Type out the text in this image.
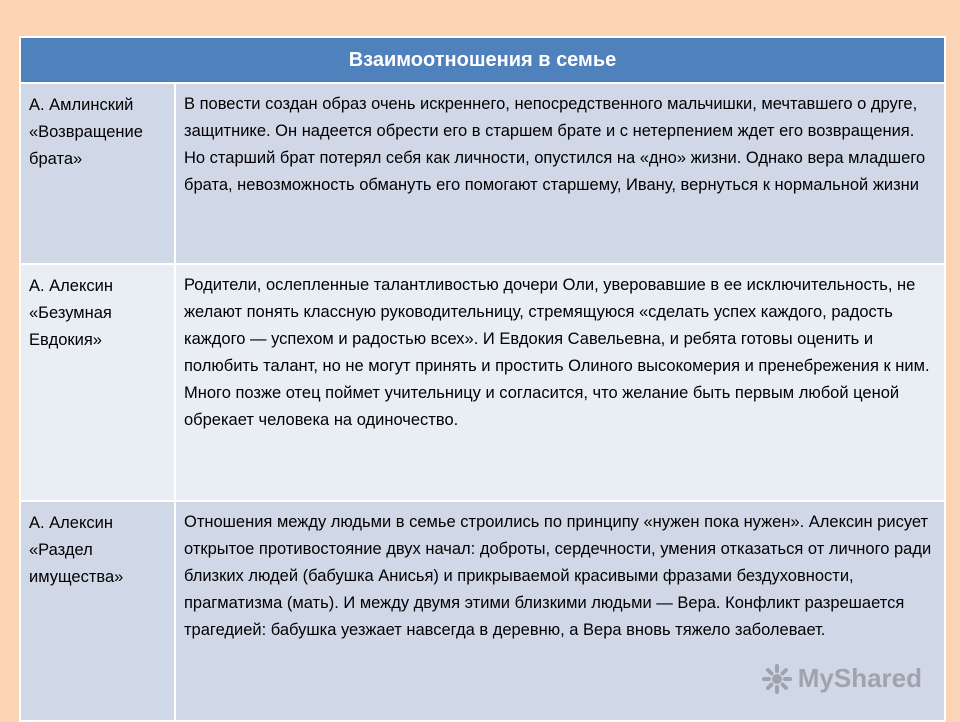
Взаимоотношения в семье	
А. Амлинский «Возвращение брата»	В повести создан образ очень искреннего, непосредственного мальчишки, мечтавшего о друге, защитнике. Он надеется обрести его в старшем брате и с нетерпением ждет его возвращения. Но старший брат потерял себя как личности, опустился на «дно» жизни. Однако вера младшего брата, невозможность обмануть его помогают старшему, Ивану, вернуться к нормальной жизни
А. Алексин «Безумная Евдокия»	Родители, ослепленные талантливостью дочери Оли, уверовавшие в ее исключительность, не желают понять классную руководительницу, стремящуюся «сделать успех каждого, радость каждого — успехом и радостью всех». И Евдокия Савельевна, и ребята готовы оценить и полюбить талант, но не могут принять и простить Олиного высокомерия и пренебрежения к ним. Много позже отец поймет учительницу и согласится, что желание быть первым любой ценой обрекает человека на одиночество.
А. Алексин «Раздел имущества»	Отношения между людьми в семье строились по принципу «нужен пока нужен». Алексин рисует открытое противостояние двух начал: доброты, сердечности, умения отказаться от личного ради близких людей (бабушка Анисья) и прикрываемой красивыми фразами бездуховности, прагматизма (мать). И между двумя этими близкими людьми — Вера. Конфликт разрешается трагедией: бабушка уезжает навсегда в деревню, а Вера вновь тяжело заболевает.
MyShared
